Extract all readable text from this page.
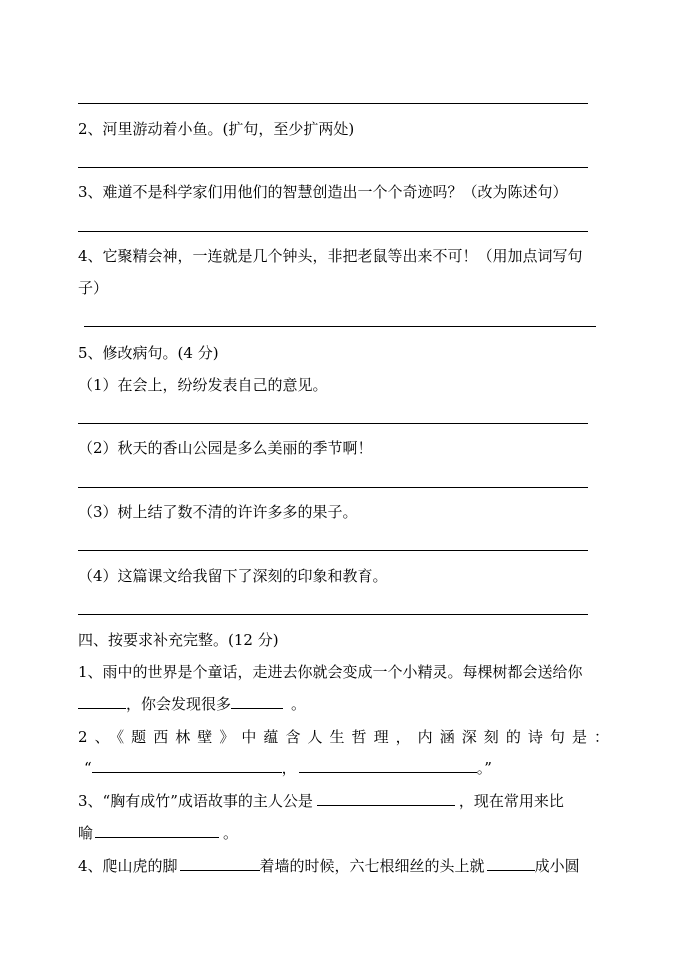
2、河里游动着小鱼。(扩句，至少扩两处)
3、难道不是科学家们用他们的智慧创造出一个个奇迹吗？（改为陈述句）
4、它聚精会神，一连就是几个钟头，非把老鼠等出来不可！（用加点词写句
子）
5、修改病句。(4 分)
（1）在会上，纷纷发表自己的意见。
（2）秋天的香山公园是多么美丽的季节啊！
（3）树上结了数不清的许许多多的果子。
（4）这篇课文给我留下了深刻的印象和教育。
四、按要求补充完整。(12 分)
1、雨中的世界是个童话，走进去你就会变成一个小精灵。每棵树都会送给你
，你会发现很多	。
2、《题西林壁》中蕴含人生哲理，内涵深刻的诗句是：
“	，	。”
3、“胸有成竹”成语故事的主人公是	，现在常用来比
喻	。
4、爬山虎的脚	着墙的时候，六七根细丝的头上就	成小圆
